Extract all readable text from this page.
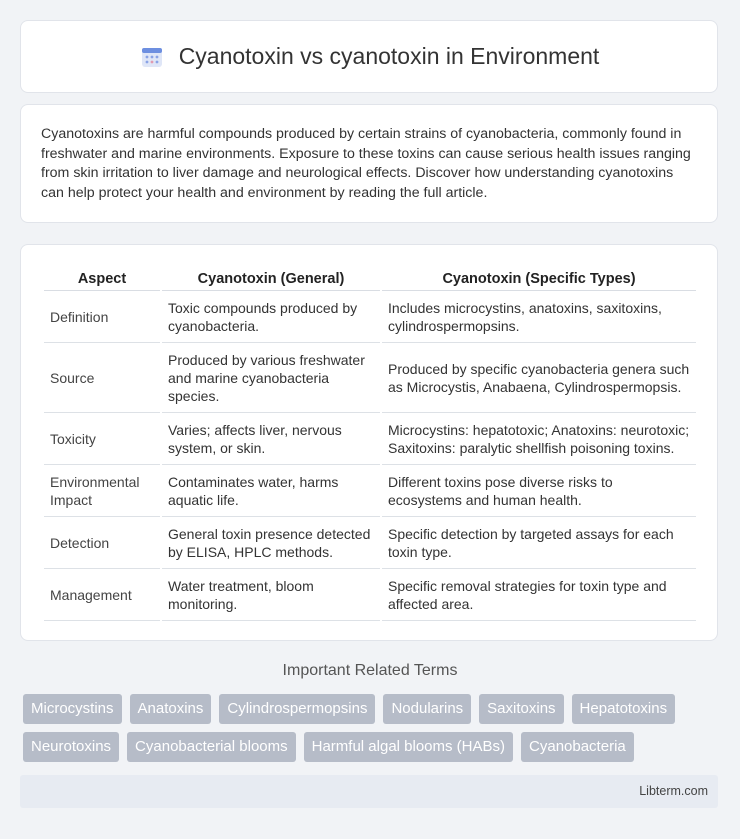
Cyanotoxin vs cyanotoxin in Environment

Cyanotoxins are harmful compounds produced by certain strains of cyanobacteria, commonly found in freshwater and marine environments. Exposure to these toxins can cause serious health issues ranging from skin irritation to liver damage and neurological effects. Discover how understanding cyanotoxins can help protect your health and environment by reading the full article.

Aspect	Cyanotoxin (General)	Cyanotoxin (Specific Types)
Definition	Toxic compounds produced by cyanobacteria.	Includes microcystins, anatoxins, saxitoxins, cylindrospermopsins.
Source	Produced by various freshwater and marine cyanobacteria species.	Produced by specific cyanobacteria genera such as Microcystis, Anabaena, Cylindrospermopsis.
Toxicity	Varies; affects liver, nervous system, or skin.	Microcystins: hepatotoxic; Anatoxins: neurotoxic; Saxitoxins: paralytic shellfish poisoning toxins.
Environmental Impact	Contaminates water, harms aquatic life.	Different toxins pose diverse risks to ecosystems and human health.
Detection	General toxin presence detected by ELISA, HPLC methods.	Specific detection by targeted assays for each toxin type.
Management	Water treatment, bloom monitoring.	Specific removal strategies for toxin type and affected area.
Important Related Terms
Microcystins	Anatoxins	Cylindrospermopsins	Nodularins	Saxitoxins	Hepatotoxins
Neurotoxins	Cyanobacterial blooms	Harmful algal blooms (HABs)	Cyanobacteria
Libterm.com
